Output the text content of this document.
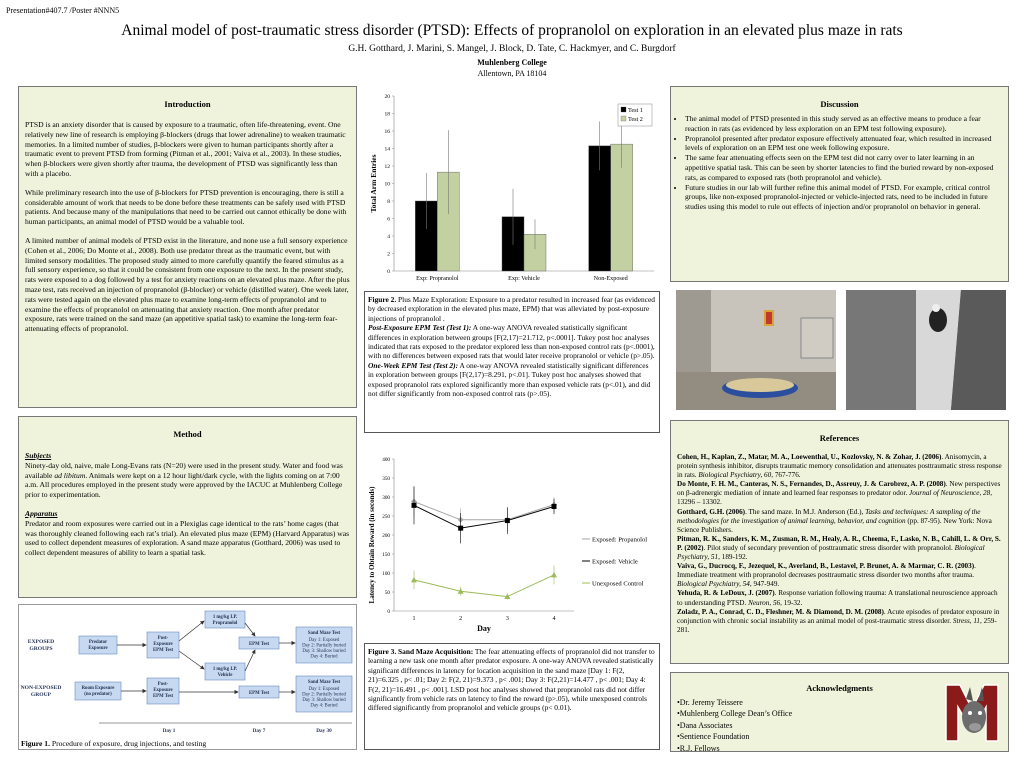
Presentation#407.7 /Poster #NNN5
Animal model of post-traumatic stress disorder (PTSD): Effects of propranolol on exploration in an elevated plus maze in rats
G.H. Gotthard, J. Marini, S. Mangel, J. Block, D. Tate, C. Hackmyer, and C. Burgdorf
Muhlenberg College
Allentown, PA 18104
Introduction

PTSD is an anxiety disorder that is caused by exposure to a traumatic, often life-threatening, event. One relatively new line of research is employing β-blockers (drugs that lower adrenaline) to weaken traumatic memories. In a limited number of studies, β-blockers were given to human participants shortly after a traumatic event to prevent PTSD from forming (Pitman et al., 2001; Vaiva et al., 2003). In these studies, when β-blockers were given shortly after trauma, the development of PTSD was significantly less than with a placebo.

While preliminary research into the use of β-blockers for PTSD prevention is encouraging, there is still a considerable amount of work that needs to be done before these treatments can be safely used with PTSD patients. And because many of the manipulations that need to be carried out cannot ethically be done with human participants, an animal model of PTSD would be a valuable tool.

A limited number of animal models of PTSD exist in the literature, and none use a full sensory experience (Cohen et al., 2006; Do Monte et al., 2008). Both use predator threat as the traumatic event, but with limited sensory modalities. The proposed study aimed to more carefully quantify the feared stimulus as a full sensory experience, so that it could be consistent from one exposure to the next. In the present study, rats were exposed to a dog followed by a test for anxiety reactions on an elevated plus maze. After the plus maze test, rats received an injection of propranolol (β-blocker) or vehicle (distilled water). One week later, rats were tested again on the elevated plus maze to examine long-term effects of propranolol and to examine the effects of propranolol on attenuating that anxiety reaction. One month after predator exposure, rats were trained on the sand maze (an appetitive spatial task) to examine the long-term fear-attenuating effects of propranolol.

Method
Subjects

Ninety-day old, naive, male Long-Evans rats (N=20) were used in the present study. Water and food was available ad libitum. Animals were kept on a 12 hour light/dark cycle, with the lights coming on at 7:00 a.m. All procedures employed in the present study were approved by the IACUC at Muhlenberg College prior to experimentation.

Apparatus

Predator and room exposures were carried out in a Plexiglas cage identical to the rats’ home cages (that was thoroughly cleaned following each rat’s trial). An elevated plus maze (EPM) (Harvard Apparatus) was used to collect dependent measures of exploration. A sand maze apparatus (Gotthard, 2006) was used to collect dependent measures of ability to learn a spatial task.

EXPOSED GROUPS
NON-EXPOSED GROUP
Predator Exposure
Room Exposure (no predator)
Post-Exposure EPM Test
Post-Exposure EPM Test
1 mg/kg I.P. Propranolol
1 mg/kg I.P. Vehicle
EPM Test
EPM Test
Sand Maze Test
Day 1: Exposed Day 2: Partially buried Day 3: Shallow buried Day 4: Buried
Sand Maze Test
Day 1: Exposed Day 2: Partially buried Day 3: Shallow buried Day 4: Buried
Day 1	Day 7	Day 30
Figure 1. Procedure of exposure, drug injections, and testing
0
2
4
6
8
10
12
14
16
18
20
Total Arm Entries
Exp: Propranolol	Exp: Vehicle	Non-Exposed
Test 1
Test 2
Figure 2. Plus Maze Exploration: Exposure to a predator resulted in increased fear (as evidenced by decreased exploration in the elevated plus maze, EPM) that was alleviated by post-exposure injections of propranolol .
Post-Exposure EPM Test (Test 1): A one-way ANOVA revealed statistically significant differences in exploration between groups [F(2,17)=21.712, p<.0001]. Tukey post hoc analyses indicated that rats exposed to the predator explored less than non-exposed control rats (p<.0001), with no differences between exposed rats that would later receive propranolol or vehicle (p>.05).
One-Week EPM Test (Test 2): A one-way ANOVA revealed statistically significant differences in exploration between groups [F(2,17)=8.291, p<.01]. Tukey post hoc analyses showed that exposed propranolol rats explored significantly more than exposed vehicle rats (p<.01), and did not differ significantly from non-exposed control rats (p>.05).
0
50
100
150
200
250
300
350
400
1	2	3	4
Day
Latency to Obtain Reward (in seconds)	Exposed: Propanolol
Exposed: Vehicle
Unexposed Control
Figure 3. Sand Maze Acquisition: The fear attenuating effects of propranolol did not transfer to learning a new task one month after predator exposure. A one-way ANOVA revealed statistically significant differences in latency for location acquisition in the sand maze [Day 1: F(2, 21)=6.325 , p< .01; Day 2: F(2, 21)=9.373 , p< .001; Day 3: F(2,21)=14.477 , p< .001; Day 4: F(2, 21)=16.491 , p< .001]. LSD post hoc analyses showed that propranolol rats did not differ significantly from vehicle rats on latency to find the reward (p>.05), while unexposed controls differed significantly from propranolol and vehicle groups (p< 0.01).
Discussion
• The animal model of PTSD presented in this study served as an effective means to produce a fear reaction in rats (as evidenced by less exploration on an EPM test following exposure).
• Propranolol presented after predator exposure effectively attenuated fear, which resulted in increased levels of exploration on an EPM test one week following exposure.
• The same fear attenuating effects seen on the EPM test did not carry over to later learning in an appetitive spatial task. This can be seen by shorter latencies to find the buried reward by non-exposed rats, as compared to exposed rats (both propranolol and vehicle).
• Future studies in our lab will further refine this animal model of PTSD. For example, critical control groups, like non-exposed propranolol-injected or vehicle-injected rats, need to be included in future studies using this model to rule out effects of injection and/or propranolol on behavior in general.
References

Cohen, H., Kaplan, Z., Matar, M. A., Loewenthal, U., Kozlovsky, N. & Zohar, J. (2006). Anisomycin, a protein synthesis inhibitor, disrupts traumatic memory consolidation and attenuates posttraumatic stress response in rats. Biological Psychiatry, 60, 767-776.

Do Monte, F. H. M., Canteras, N. S., Fernandes, D., Assreuy, J. & Carobrez, A. P. (2008). New perspectives on β-adrenergic mediation of innate and learned fear responses to predator odor. Journal of Neuroscience, 28, 13296 – 13302.

Gotthard, G.H. (2006). The sand maze. In M.J. Anderson (Ed.), Tasks and techniques: A sampling of the methodologies for the investigation of animal learning, behavior, and cognition (pp. 87-95). New York: Nova Science Publishers.

Pitman, R. K., Sanders, K. M., Zusman, R. M., Healy, A. R., Cheema, F., Lasko, N. B., Cahill, L. & Orr, S. P. (2002). Pilot study of secondary prevention of posttraumatic stress disorder with propranolol. Biological Psychiatry, 51, 189-192.

Vaiva, G., Ducrocq, F., Jezequel, K., Averland, B., Lestavel, P. Brunet, A. & Marmar, C. R. (2003). Immediate treatment with propranolol decreases posttraumatic stress disorder two months after trauma. Biological Psychiatry, 54, 947-949.

Yehuda, R. & LeDoux, J. (2007). Response variation following trauma: A translational neuroscience approach to understanding PTSD. Neuron, 56, 19-32.

Zoladz, P. A., Conrad, C. D., Fleshner, M. & Diamond, D. M. (2008). Acute episodes of predator exposure in conjunction with chronic social instability as an animal model of post-traumatic stress disorder. Stress, 11, 259-281.

Acknowledgments
•Dr. Jeremy Teissere
•Muhlenberg College Dean’s Office
•Dana Associates
•Sentience Foundation
•R.J. Fellows
